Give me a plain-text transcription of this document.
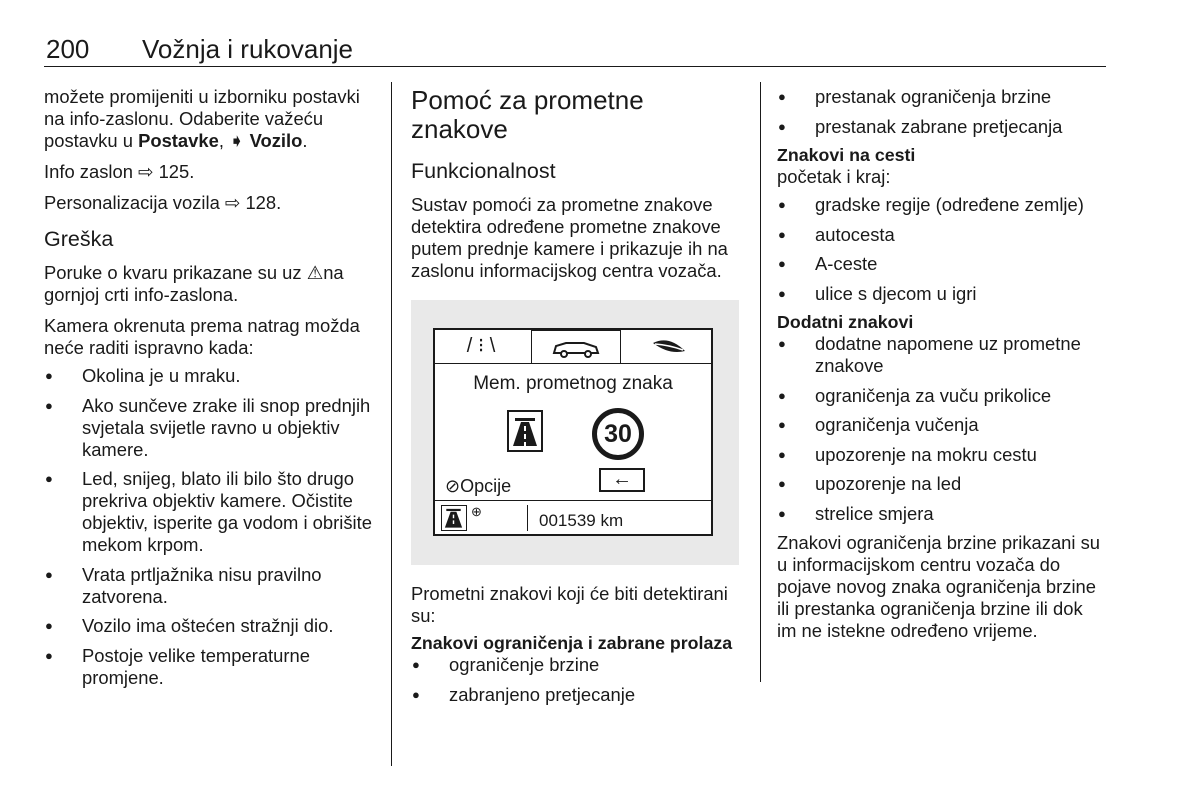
200 Vožnja i rukovanje

možete promijeniti u izborniku postavki na info-zaslonu. Odaberite važeću postavku u Postavke, ➧ Vozilo.

Info zaslon ⇨ 125.

Personalizacija vozila ⇨ 128.

Greška

Poruke o kvaru prikazane su uz ⚠na gornjoj crti info-zaslona.

Kamera okrenuta prema natrag možda neće raditi ispravno kada:

● Okolina je u mraku.
● Ako sunčeve zrake ili snop prednjih svjetala svijetle ravno u objektiv kamere.
● Led, snijeg, blato ili bilo što drugo prekriva objektiv kamere. Očistite objektiv, isperite ga vodom i obrišite mekom krpom.
● Vrata prtljažnika nisu pravilno zatvorena.
● Vozilo ima oštećen stražnji dio.
● Postoje velike temperaturne promjene.
Pomoć za prometne znakove
Funkcionalnost

Sustav pomoći za prometne znakove detektira određene prometne znakove putem prednje kamere i prikazuje ih na zaslonu informacijskog centra vozača.

/ ⁝ \
Mem. prometnog znaka
30
⊘Opcije	←
⊕	001539 km

Prometni znakovi koji će biti detektirani su:

Znakovi ograničenja i zabrane prolaza
● ograničenje brzine
● zabranjeno pretjecanje
● prestanak ograničenja brzine
● prestanak zabrane pretjecanja
Znakovi na cesti

početak i kraj:

● gradske regije (određene zemlje)
● autocesta
● A-ceste
● ulice s djecom u igri
Dodatni znakovi
● dodatne napomene uz prometne znakove
● ograničenja za vuču prikolice
● ograničenja vučenja
● upozorenje na mokru cestu
● upozorenje na led
● strelice smjera

Znakovi ograničenja brzine prikazani su u informacijskom centru vozača do pojave novog znaka ograničenja brzine ili prestanka ograničenja brzine ili dok im ne istekne određeno vrijeme.
